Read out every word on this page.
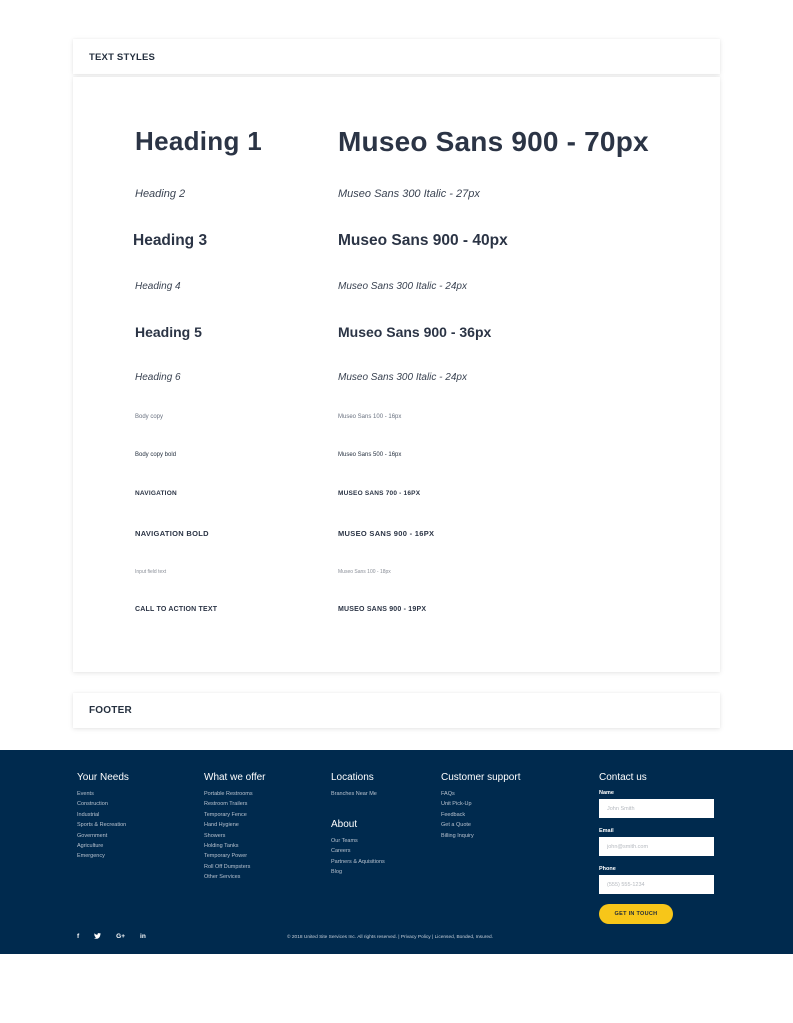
TEXT STYLES
Heading 1	Museo Sans 900 - 70px
Heading 2	Museo Sans 300 Italic - 27px
Heading 3	Museo Sans 900 - 40px
Heading 4	Museo Sans 300 Italic - 24px
Heading 5	Museo Sans 900 - 36px
Heading 6	Museo Sans 300 Italic - 24px
Body copy	Museo Sans 100 - 16px
Body copy bold	Museo Sans 500 - 16px
NAVIGATION	MUSEO SANS 700 - 16PX
NAVIGATION BOLD	MUSEO SANS 900 - 16PX
Input field text	Museo Sans 100 - 18px
CALL TO ACTION TEXT	MUSEO SANS 900 - 19PX
FOOTER
Your Needs
Events
Construction
Industrial
Sports & Recreation
Government
Agriculture
Emergency
What we offer
Portable Restrooms
Restroom Trailers
Temporary Fence
Hand Hygiene
Showers
Holding Tanks
Temporary Power
Roll Off Dumpsters
Other Services
Locations
Branches Near Me
About
Our Teams
Careers
Partners & Aquisitions
Blog
Customer support
FAQs
Unit Pick-Up
Feedback
Get a Quote
Billing Inquiry
Contact us
Name
John Smith
Email
john@smith.com
Phone
(555) 555-1234 GET IN TOUCH
f	G+ in	© 2018 United Site Services Inc. All rights reserved. | Privacy Policy | Licensed, Bonded, Insured.
